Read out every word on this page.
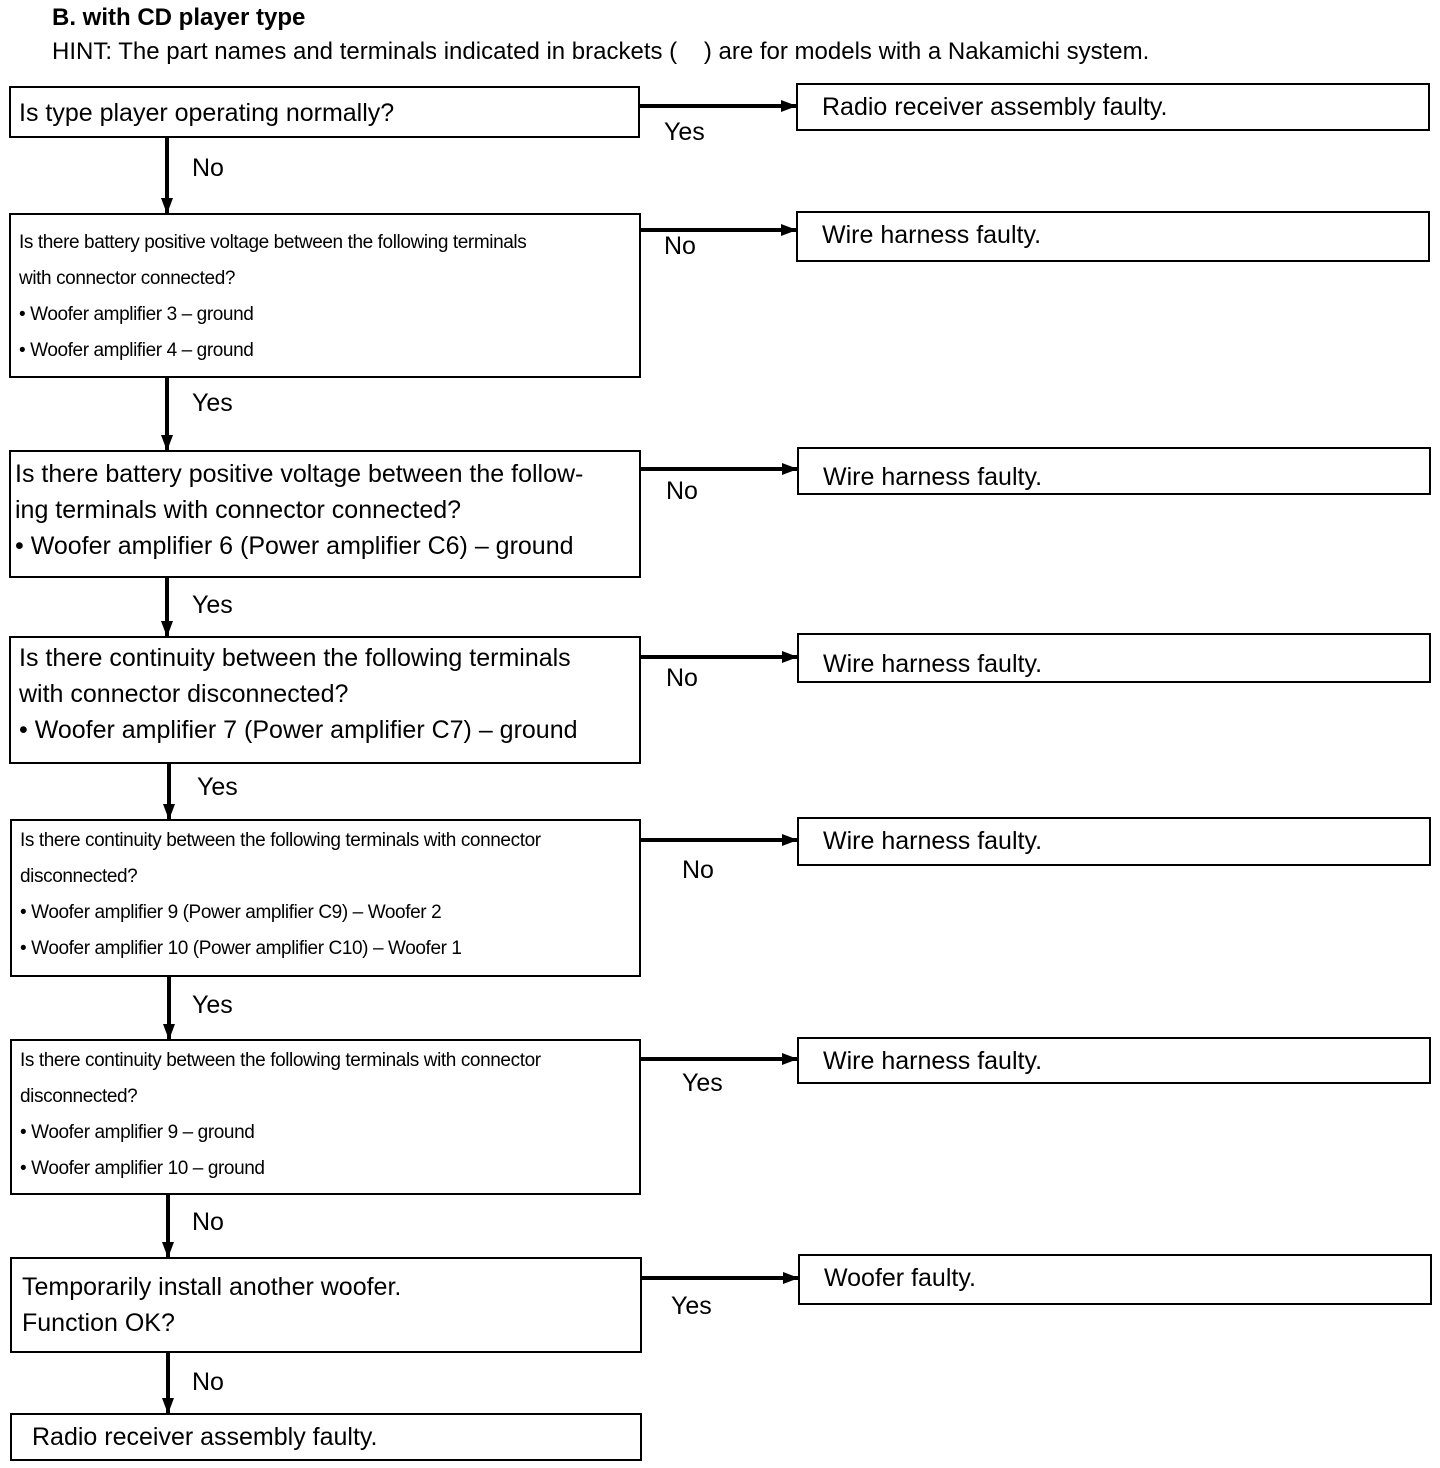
B. with CD player type
HINT: The part names and terminals indicated in brackets (    ) are for models with a Nakamichi system.
Is type player operating normally?
Is there battery positive voltage between the following terminals
with connector connected?
• Woofer amplifier 3 – ground
• Woofer amplifier 4 – ground
Is there battery positive voltage between the follow-
ing terminals with connector connected?
• Woofer amplifier 6 (Power amplifier C6) – ground
Is there continuity between the following terminals
with connector disconnected?
• Woofer amplifier 7 (Power amplifier C7) – ground
Is there continuity between the following terminals with connector
disconnected?
• Woofer amplifier 9 (Power amplifier C9) – Woofer 2
• Woofer amplifier 10 (Power amplifier C10) – Woofer 1
Is there continuity between the following terminals with connector
disconnected?
• Woofer amplifier 9 – ground
• Woofer amplifier 10 – ground
Temporarily install another woofer.
Function OK?
Radio receiver assembly faulty.
Radio receiver assembly faulty.
Wire harness faulty.
Wire harness faulty.
Wire harness faulty.
Wire harness faulty.
Wire harness faulty.
Woofer faulty.
Yes
No
No
No
No
Yes
Yes
No
Yes
Yes
Yes
Yes
No
No
